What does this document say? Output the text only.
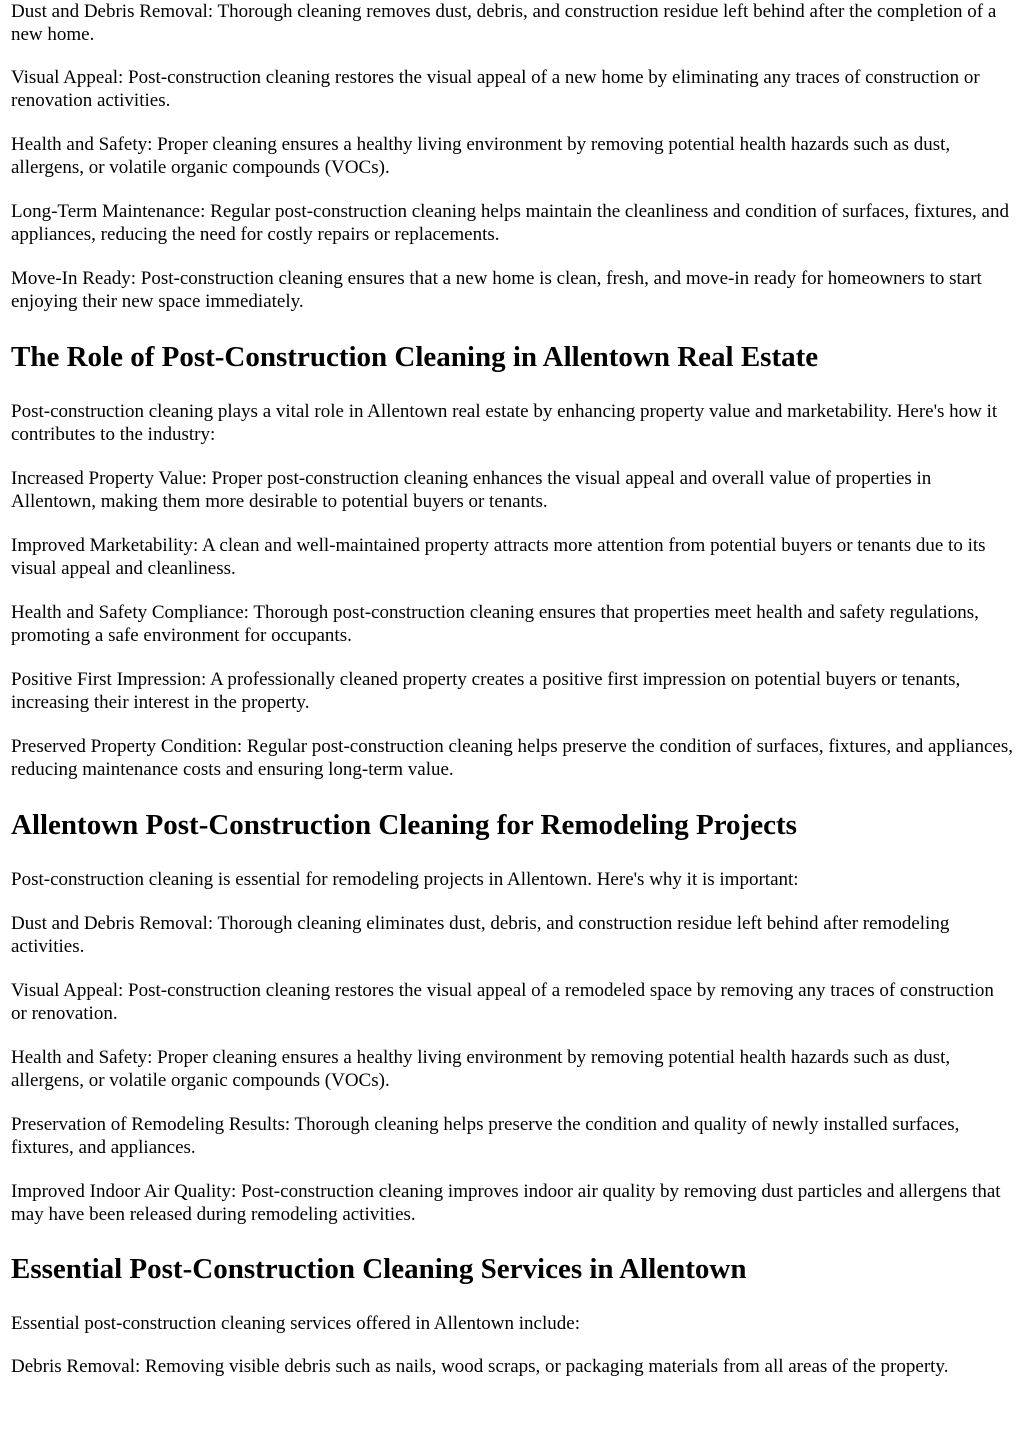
Dust and Debris Removal: Thorough cleaning removes dust, debris, and construction residue left behind after the completion of a new home.

Visual Appeal: Post-construction cleaning restores the visual appeal of a new home by eliminating any traces of construction or renovation activities.

Health and Safety: Proper cleaning ensures a healthy living environment by removing potential health hazards such as dust, allergens, or volatile organic compounds (VOCs).

Long-Term Maintenance: Regular post-construction cleaning helps maintain the cleanliness and condition of surfaces, fixtures, and appliances, reducing the need for costly repairs or replacements.

Move-In Ready: Post-construction cleaning ensures that a new home is clean, fresh, and move-in ready for homeowners to start enjoying their new space immediately.

The Role of Post-Construction Cleaning in Allentown Real Estate

Post-construction cleaning plays a vital role in Allentown real estate by enhancing property value and marketability. Here's how it contributes to the industry:

Increased Property Value: Proper post-construction cleaning enhances the visual appeal and overall value of properties in Allentown, making them more desirable to potential buyers or tenants.

Improved Marketability: A clean and well-maintained property attracts more attention from potential buyers or tenants due to its visual appeal and cleanliness.

Health and Safety Compliance: Thorough post-construction cleaning ensures that properties meet health and safety regulations, promoting a safe environment for occupants.

Positive First Impression: A professionally cleaned property creates a positive first impression on potential buyers or tenants, increasing their interest in the property.

Preserved Property Condition: Regular post-construction cleaning helps preserve the condition of surfaces, fixtures, and appliances, reducing maintenance costs and ensuring long-term value.

Allentown Post-Construction Cleaning for Remodeling Projects

Post-construction cleaning is essential for remodeling projects in Allentown. Here's why it is important:

Dust and Debris Removal: Thorough cleaning eliminates dust, debris, and construction residue left behind after remodeling activities.

Visual Appeal: Post-construction cleaning restores the visual appeal of a remodeled space by removing any traces of construction or renovation.

Health and Safety: Proper cleaning ensures a healthy living environment by removing potential health hazards such as dust, allergens, or volatile organic compounds (VOCs).

Preservation of Remodeling Results: Thorough cleaning helps preserve the condition and quality of newly installed surfaces, fixtures, and appliances.

Improved Indoor Air Quality: Post-construction cleaning improves indoor air quality by removing dust particles and allergens that may have been released during remodeling activities.

Essential Post-Construction Cleaning Services in Allentown

Essential post-construction cleaning services offered in Allentown include:

Debris Removal: Removing visible debris such as nails, wood scraps, or packaging materials from all areas of the property.
